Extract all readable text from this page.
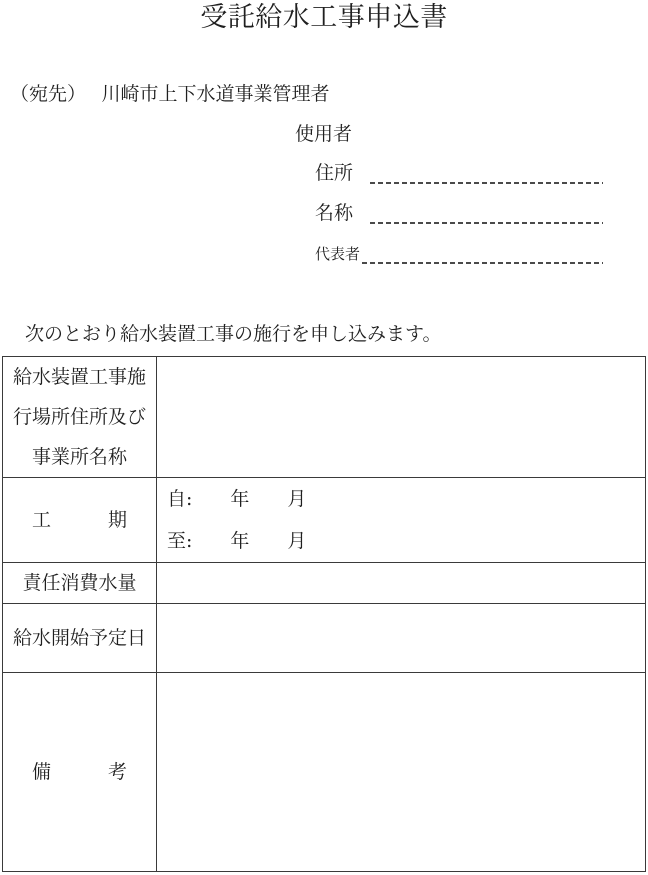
受託給水工事申込書
（宛先）　 川崎市上下水道事業管理者
使用者
住所
名称
代表者
次のとおり給水装置工事の施行を申し込みます。
給水装置工事施
行場所住所及び
事業所名称
工　　　期
自:　　年　　月
至:　　年　　月
責任消費水量
給水開始予定日
備　　　考
